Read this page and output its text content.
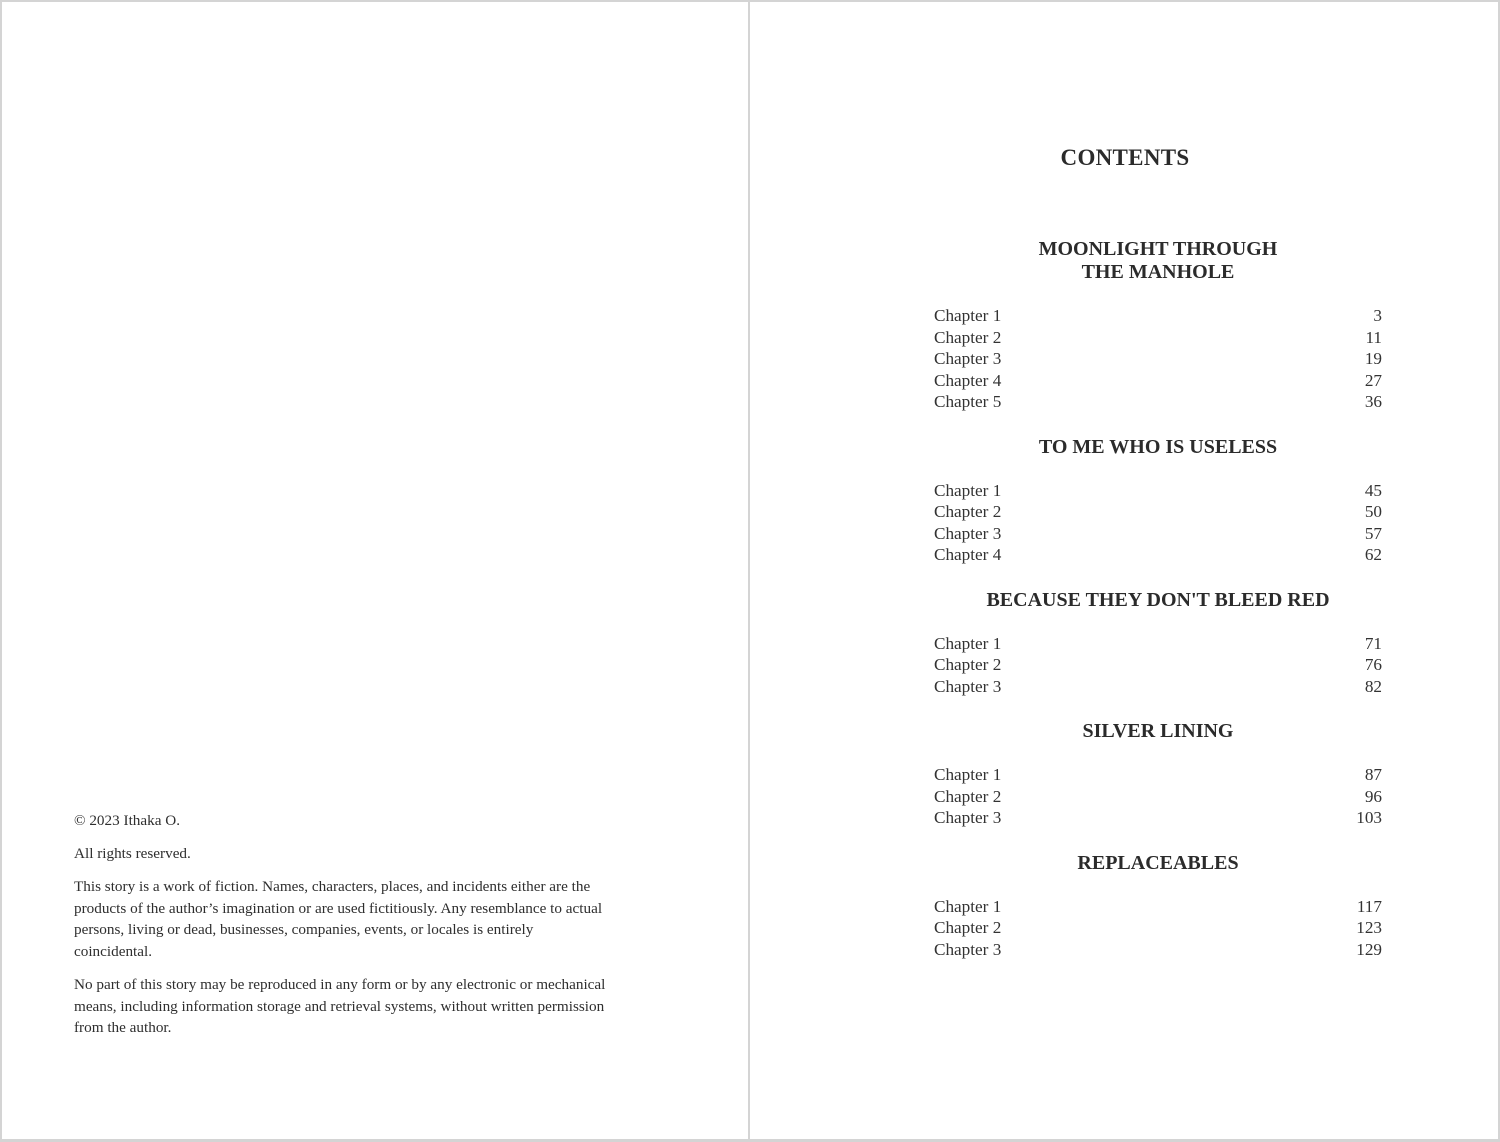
© 2023 Ithaka O.

All rights reserved.

This story is a work of fiction. Names, characters, places, and incidents either are the products of the author’s imagination or are used fictitiously. Any resemblance to actual persons, living or dead, businesses, companies, events, or locales is entirely coincidental.

No part of this story may be reproduced in any form or by any electronic or mechanical means, including information storage and retrieval systems, without written permission from the author.

CONTENTS
MOONLIGHT THROUGH THE MANHOLE
Chapter 1	3
Chapter 2	11
Chapter 3	19
Chapter 4	27
Chapter 5	36
TO ME WHO IS USELESS
Chapter 1	45
Chapter 2	50
Chapter 3	57
Chapter 4	62
BECAUSE THEY DON'T BLEED RED
Chapter 1	71
Chapter 2	76
Chapter 3	82
SILVER LINING
Chapter 1	87
Chapter 2	96
Chapter 3	103
REPLACEABLES
Chapter 1	117
Chapter 2	123
Chapter 3	129
